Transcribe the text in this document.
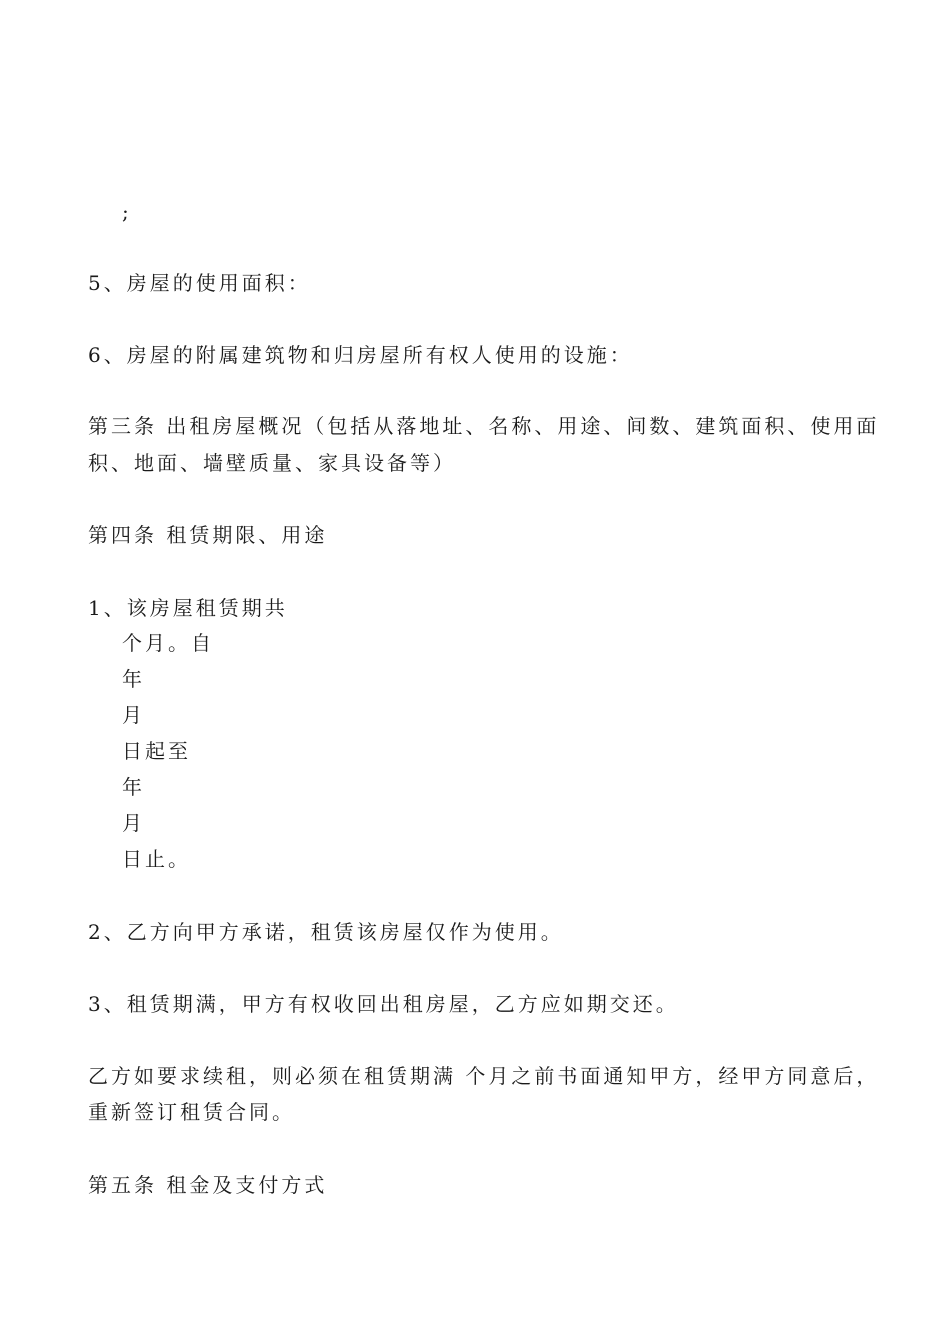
;
5、房屋的使用面积：
6、房屋的附属建筑物和归房屋所有权人使用的设施：
第三条 出租房屋概况（包括从落地址、名称、用途、间数、建筑面积、使用面
积、地面、墙壁质量、家具设备等）
第四条 租赁期限、用途
1、该房屋租赁期共
个月。自
年
月
日起至
年
月
日止。
2、乙方向甲方承诺，租赁该房屋仅作为使用。
3、租赁期满，甲方有权收回出租房屋，乙方应如期交还。
乙方如要求续租，则必须在租赁期满 个月之前书面通知甲方，经甲方同意后，
重新签订租赁合同。
第五条 租金及支付方式
